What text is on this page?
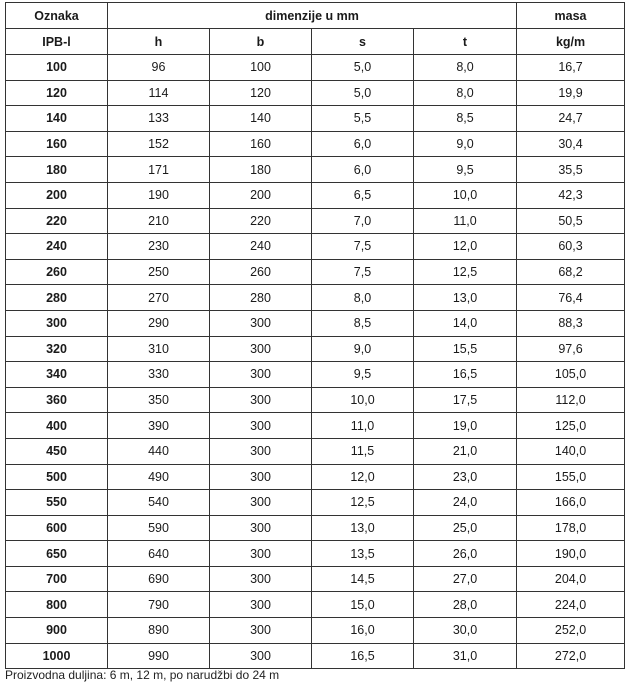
Oznaka	dimenzije u mm				masa
IPB-l	h	b	s	t	kg/m
100	96	100	5,0	8,0	16,7
120	114	120	5,0	8,0	19,9
140	133	140	5,5	8,5	24,7
160	152	160	6,0	9,0	30,4
180	171	180	6,0	9,5	35,5
200	190	200	6,5	10,0	42,3
220	210	220	7,0	11,0	50,5
240	230	240	7,5	12,0	60,3
260	250	260	7,5	12,5	68,2
280	270	280	8,0	13,0	76,4
300	290	300	8,5	14,0	88,3
320	310	300	9,0	15,5	97,6
340	330	300	9,5	16,5	105,0
360	350	300	10,0	17,5	112,0
400	390	300	11,0	19,0	125,0
450	440	300	11,5	21,0	140,0
500	490	300	12,0	23,0	155,0
550	540	300	12,5	24,0	166,0
600	590	300	13,0	25,0	178,0
650	640	300	13,5	26,0	190,0
700	690	300	14,5	27,0	204,0
800	790	300	15,0	28,0	224,0
900	890	300	16,0	30,0	252,0
1000	990	300	16,5	31,0	272,0
Proizvodna duljina: 6 m, 12 m, po narudžbi do 24 m
